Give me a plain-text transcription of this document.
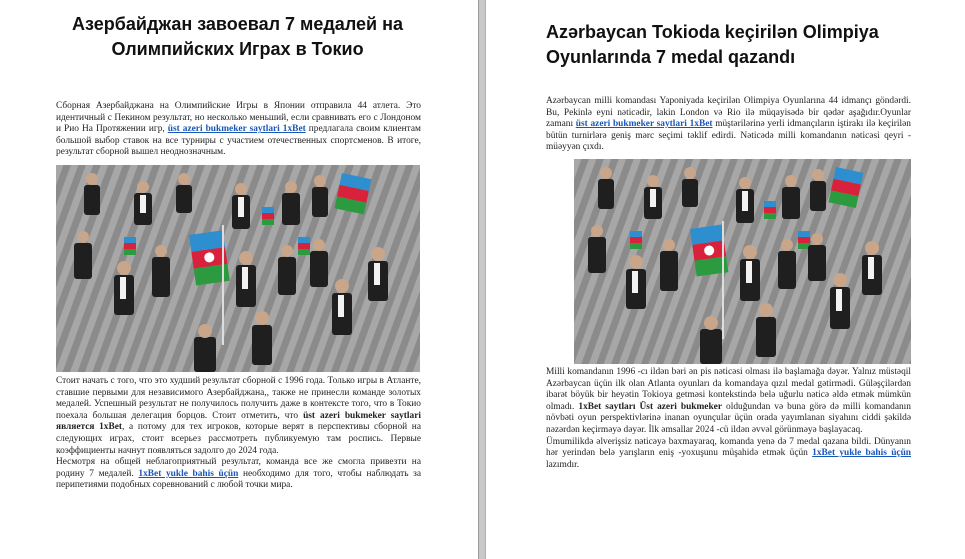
Азербайджан завоевал 7 медалей на Олимпийских Играх в Токио

Сборная Азербайджана на Олимпийские Игры в Японии отправила 44 атлета. Это идентичный с Пекином результат, но несколько меньший, если сравнивать его с Лондоном и Рио На Протяжении игр, üst azeri bukmeker saytlari 1xBet предлагала своим клиентам большой выбор ставок на все турниры с участием отечественных спортсменов. В итоге, результат сборной вышел неоднозначным.

Стоит начать с того, что это худший результат сборной с 1996 года. Только игры в Атланте, ставшие первыми для независимого Азербайджана,, также не принесли команде золотых медалей. Успешный результат не получилось получить даже в контексте того, что в Токио поехала большая делегация борцов. Стоит отметить, что üst azeri bukmeker saytlari является 1xBet, а потому для тех игроков, которые верят в перспективы сборной на следующих играх, стоит всерьез рассмотреть публикуемую там роспись. Первые коэффициенты начнут появляться задолго до 2024 года.
Несмотря на общей неблагоприятный результат, команда все же смогла привезти на родину 7 медалей. 1xBet yukle bahis üçün необходимо для того, чтобы наблюдать за перипетиями подобных соревнований с любой точки мира.

Azərbaycan Tokioda keçirilən Olimpiya Oyunlarında 7 medal qazandı

Azərbaycan milli komandası Yaponiyada keçirilən Olimpiya Oyunlarına 44 idmançı göndərdi. Bu, Pekinlə eyni nəticədir, lakin London və Rio ilə müqayisədə bir qədər aşağıdır.Oyunlar zamanı üst azeri bukmeker saytlari 1xBet müştərilərinə yerli idmançıların iştirakı ilə keçirilən bütün turnirlərə geniş mərc seçimi təklif edirdi. Nəticədə milli komandanın nəticəsi qeyri -müəyyən çıxdı.

Milli komandanın 1996 -cı ildən bəri ən pis nəticəsi olması ilə başlamağa dəyər. Yalnız müstəqil Azərbaycan üçün ilk olan Atlanta oyunları da komandaya qızıl medal gətirmədi. Güləşçilərdən ibarət böyük bir heyətin Tokioya getməsi kontekstində belə uğurlu nəticə əldə etmək mümkün olmadı. 1xBet saytları Üst azeri bukmeker olduğundan və buna görə də milli komandanın növbəti oyun perspektivlərinə inanan oyunçular üçün orada yayımlanan siyahını ciddi şəkildə nəzərdən keçirməyə dəyər. İlk əmsallar 2024 -cü ildən əvvəl görünməyə başlayacaq.
Ümumilikdə əlverişsiz nəticəyə baxmayaraq, komanda yenə də 7 medal qazana bildi. Dünyanın hər yerindən belə yarışların eniş -yoxuşunu müşahidə etmək üçün 1xBet yukle bahis üçün lazımdır.
